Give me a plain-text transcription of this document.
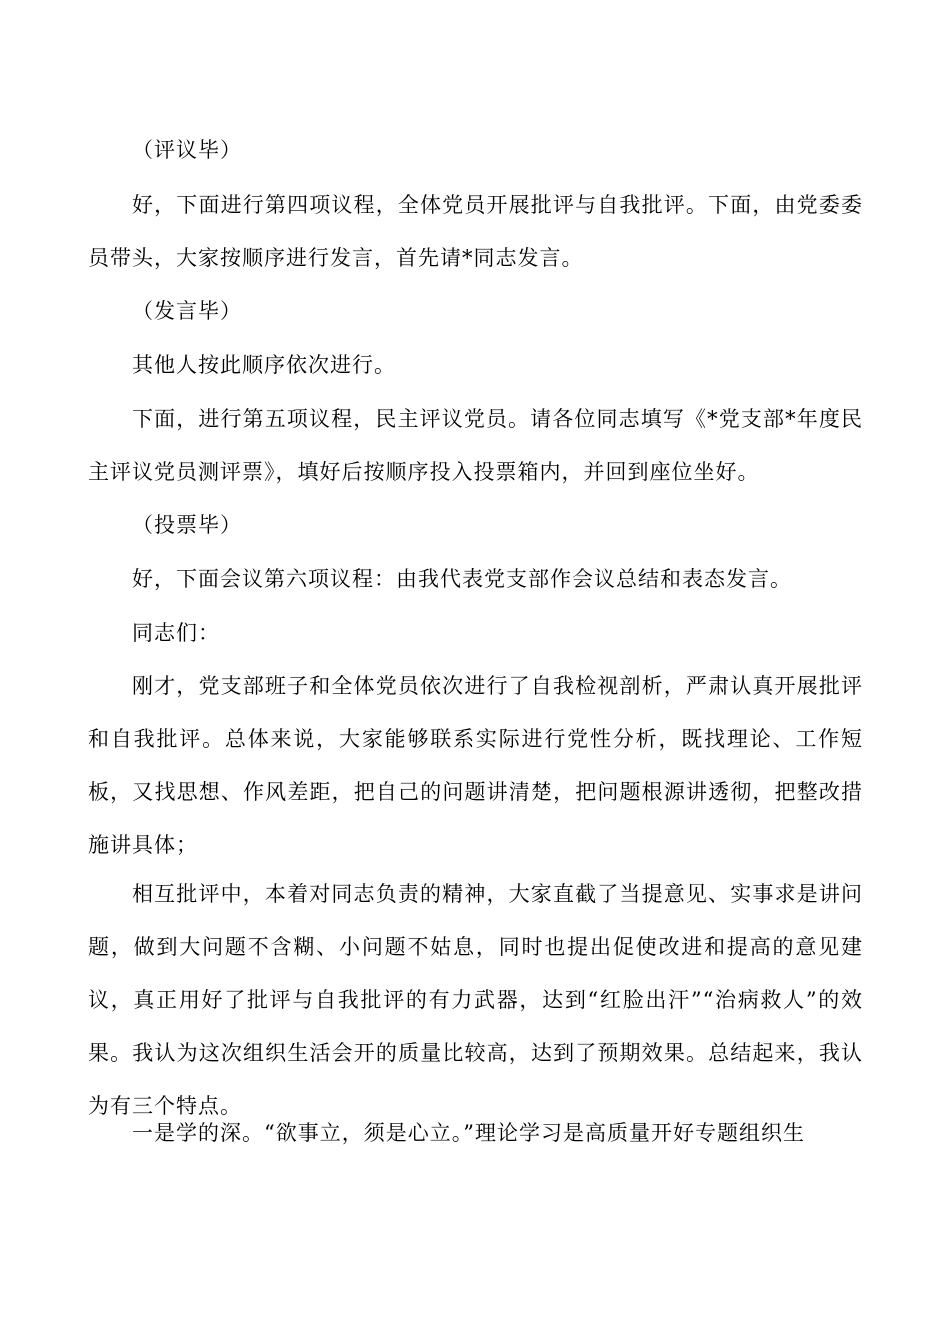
（评议毕）

好，下面进行第四项议程，全体党员开展批评与自我批评。下面，由党委委员带头，大家按顺序进行发言，首先请*同志发言。

（发言毕）

其他人按此顺序依次进行。

下面，进行第五项议程，民主评议党员。请各位同志填写《*党支部*年度民主评议党员测评票》，填好后按顺序投入投票箱内，并回到座位坐好。

（投票毕）

好，下面会议第六项议程：由我代表党支部作会议总结和表态发言。

同志们：

刚才，党支部班子和全体党员依次进行了自我检视剖析，严肃认真开展批评和自我批评。总体来说，大家能够联系实际进行党性分析，既找理论、工作短板，又找思想、作风差距，把自己的问题讲清楚，把问题根源讲透彻，把整改措施讲具体；

相互批评中，本着对同志负责的精神，大家直截了当提意见、实事求是讲问题，做到大问题不含糊、小问题不姑息，同时也提出促使改进和提高的意见建议，真正用好了批评与自我批评的有力武器，达到“红脸出汗”“治病救人”的效果。我认为这次组织生活会开的质量比较高，达到了预期效果。总结起来，我认为有三个特点。

一是学的深。“欲事立，须是心立。”理论学习是高质量开好专题组织生
